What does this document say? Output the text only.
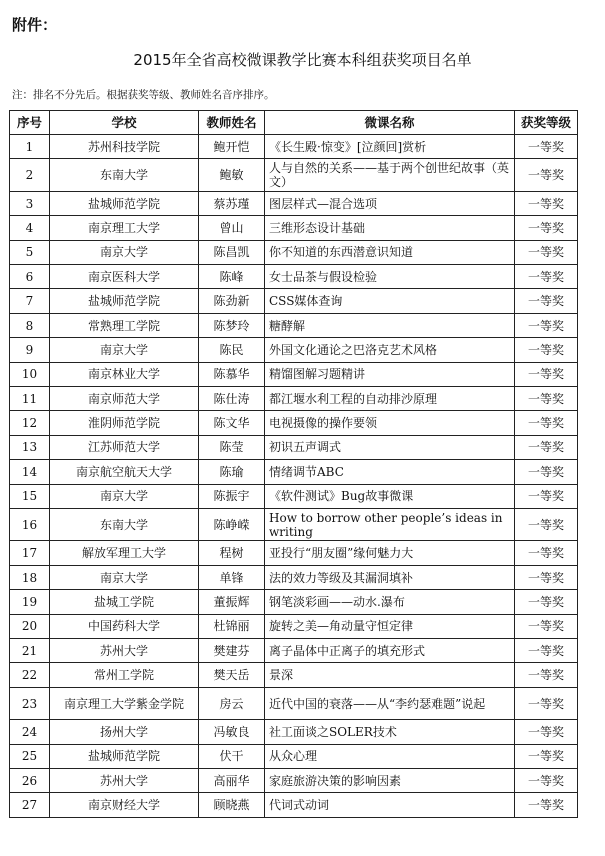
附件：
2015年全省高校微课教学比赛本科组获奖项目名单
注：排名不分先后。根据获奖等级、教师姓名音序排序。
序号	学校	教师姓名	微课名称	获奖等级
1	苏州科技学院	鲍开恺	《长生殿·惊变》[泣颜回]赏析	一等奖
2	东南大学	鲍敏	人与自然的关系——基于两个创世纪故事（英文）	一等奖
3	盐城师范学院	蔡苏瑾	图层样式—混合选项	一等奖
4	南京理工大学	曾山	三维形态设计基础	一等奖
5	南京大学	陈昌凯	你不知道的东西潜意识知道	一等奖
6	南京医科大学	陈峰	女士品茶与假设检验	一等奖
7	盐城师范学院	陈劲新	CSS媒体查询	一等奖
8	常熟理工学院	陈梦玲	糖酵解	一等奖
9	南京大学	陈民	外国文化通论之巴洛克艺术风格	一等奖
10	南京林业大学	陈慕华	精馏图解习题精讲	一等奖
11	南京师范大学	陈仕涛	都江堰水利工程的自动排沙原理	一等奖
12	淮阴师范学院	陈文华	电视摄像的操作要领	一等奖
13	江苏师范大学	陈莹	初识五声调式	一等奖
14	南京航空航天大学	陈瑜	情绪调节ABC	一等奖
15	南京大学	陈振宇	《软件测试》Bug故事微课	一等奖
16	东南大学	陈峥嵘	How to borrow other people’s ideas in writing	一等奖
17	解放军理工大学	程树	亚投行“朋友圈”缘何魅力大	一等奖
18	南京大学	单锋	法的效力等级及其漏洞填补	一等奖
19	盐城工学院	董振辉	钢笔淡彩画——动水.瀑布	一等奖
20	中国药科大学	杜锦丽	旋转之美—角动量守恒定律	一等奖
21	苏州大学	樊建芬	离子晶体中正离子的填充形式	一等奖
22	常州工学院	樊天岳	景深	一等奖
23	南京理工大学紫金学院	房云	近代中国的衰落——从“李约瑟难题”说起	一等奖
24	扬州大学	冯敏良	社工面谈之SOLER技术	一等奖
25	盐城师范学院	伏干	从众心理	一等奖
26	苏州大学	高丽华	家庭旅游决策的影响因素	一等奖
27	南京财经大学	顾晓燕	代词式动词	一等奖
